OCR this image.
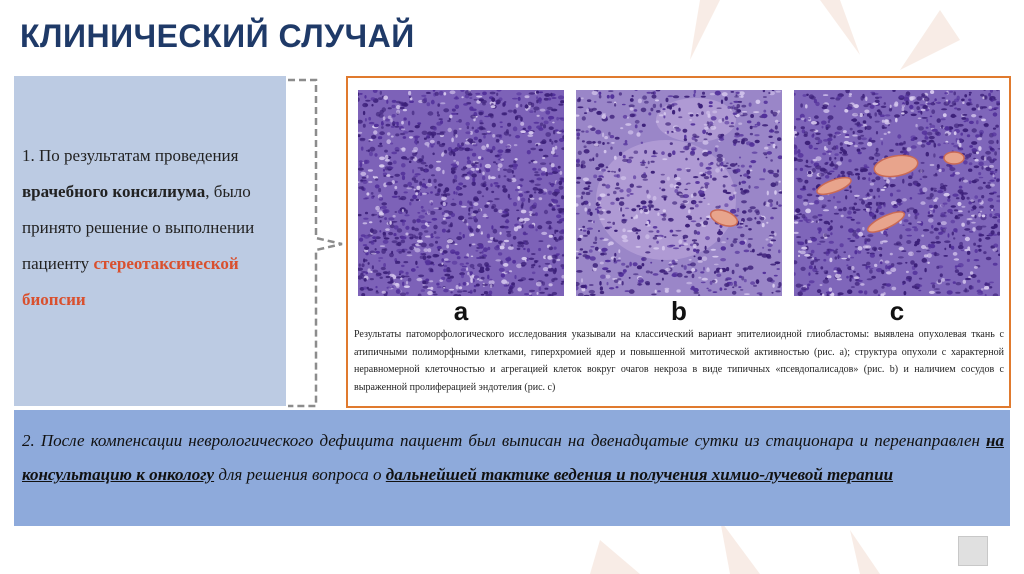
КЛИНИЧЕСКИЙ СЛУЧАЙ
1. По результатам проведения врачебного консилиума, было принято решение о выполнении пациенту стереотаксической биопсии	a	b	c
Результаты патоморфологического исследования указывали на классический вариант эпителиоидной глиобластомы: выявлена опухолевая ткань с атипичными полиморфными клетками, гиперхромией ядер и повышенной митотической активностью (рис. а); структура опухоли с характерной неравномерной клеточностью и агрегацией клеток вокруг очагов некроза в виде типичных «псевдопалисадов» (рис. b) и наличием сосудов с выраженной пролиферацией эндотелия (рис. с)
2. После компенсации неврологического дефицита пациент был выписан на двенадцатые сутки из стационара и перенаправлен на консультацию к онкологу для решения вопроса о дальнейшей тактике ведения и получения химио-лучевой терапии
